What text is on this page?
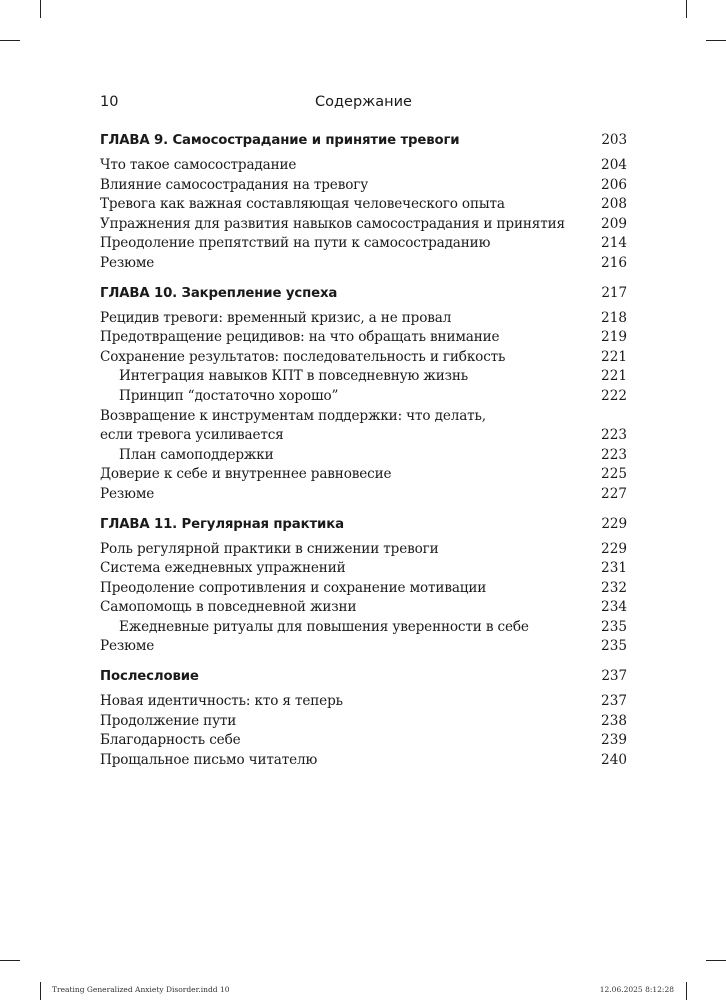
10	Содержание
ГЛАВА 9. Самосострадание и принятие тревоги	203
Что такое самосострадание	204
Влияние самосострадания на тревогу	206
Тревога как важная составляющая человеческого опыта	208
Упражнения для развития навыков самосострадания и принятия	209
Преодоление препятствий на пути к самосостраданию	214
Резюме	216
ГЛАВА 10. Закрепление успеха	217
Рецидив тревоги: временный кризис, а не провал	218
Предотвращение рецидивов: на что обращать внимание	219
Сохранение результатов: последовательность и гибкость	221
Интеграция навыков КПТ в повседневную жизнь	221
Принцип “достаточно хорошо”	222
Возвращение к инструментам поддержки: что делать,
если тревога усиливается	223
План самоподдержки	223
Доверие к себе и внутреннее равновесие	225
Резюме	227
ГЛАВА 11. Регулярная практика	229
Роль регулярной практики в снижении тревоги	229
Система ежедневных упражнений	231
Преодоление сопротивления и сохранение мотивации	232
Самопомощь в повседневной жизни	234
Ежедневные ритуалы для повышения уверенности в себе	235
Резюме	235
Послесловие	237
Новая идентичность: кто я теперь	237
Продолжение пути	238
Благодарность себе	239
Прощальное письмо читателю	240
Treating Generalized Anxiety Disorder.indd 10	12.06.2025 8:12:28
